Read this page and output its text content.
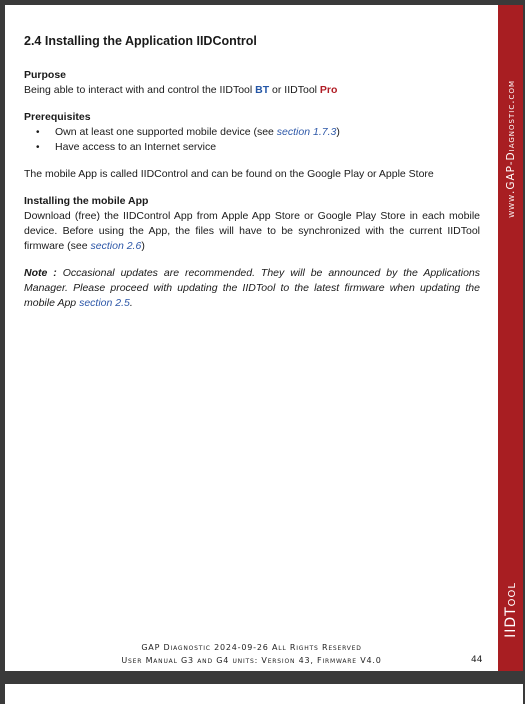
www.GAP-Diagnostic.com
IIDTool
2.4 Installing the Application IIDControl

Purpose

Being able to interact with and control the IIDTool BT or IIDTool Pro

Prerequisites

• Own at least one supported mobile device (see section 1.7.3)
• Have access to an Internet service

The mobile App is called IIDControl and can be found on the Google Play or Apple Store

Installing the mobile App

Download (free) the IIDControl App from Apple App Store or Google Play Store in each mobile device. Before using the App, the files will have to be synchronized with the current IIDTool firmware (see section 2.6)

Note : Occasional updates are recommended. They will be announced by the Applications Manager. Please proceed with updating the IIDTool to the latest firmware when updating the mobile App section 2.5.

GAP Diagnostic 2024-09-26 All Rights Reserved
User Manual G3 and G4 units: Version 43, Firmware V4.0	44
